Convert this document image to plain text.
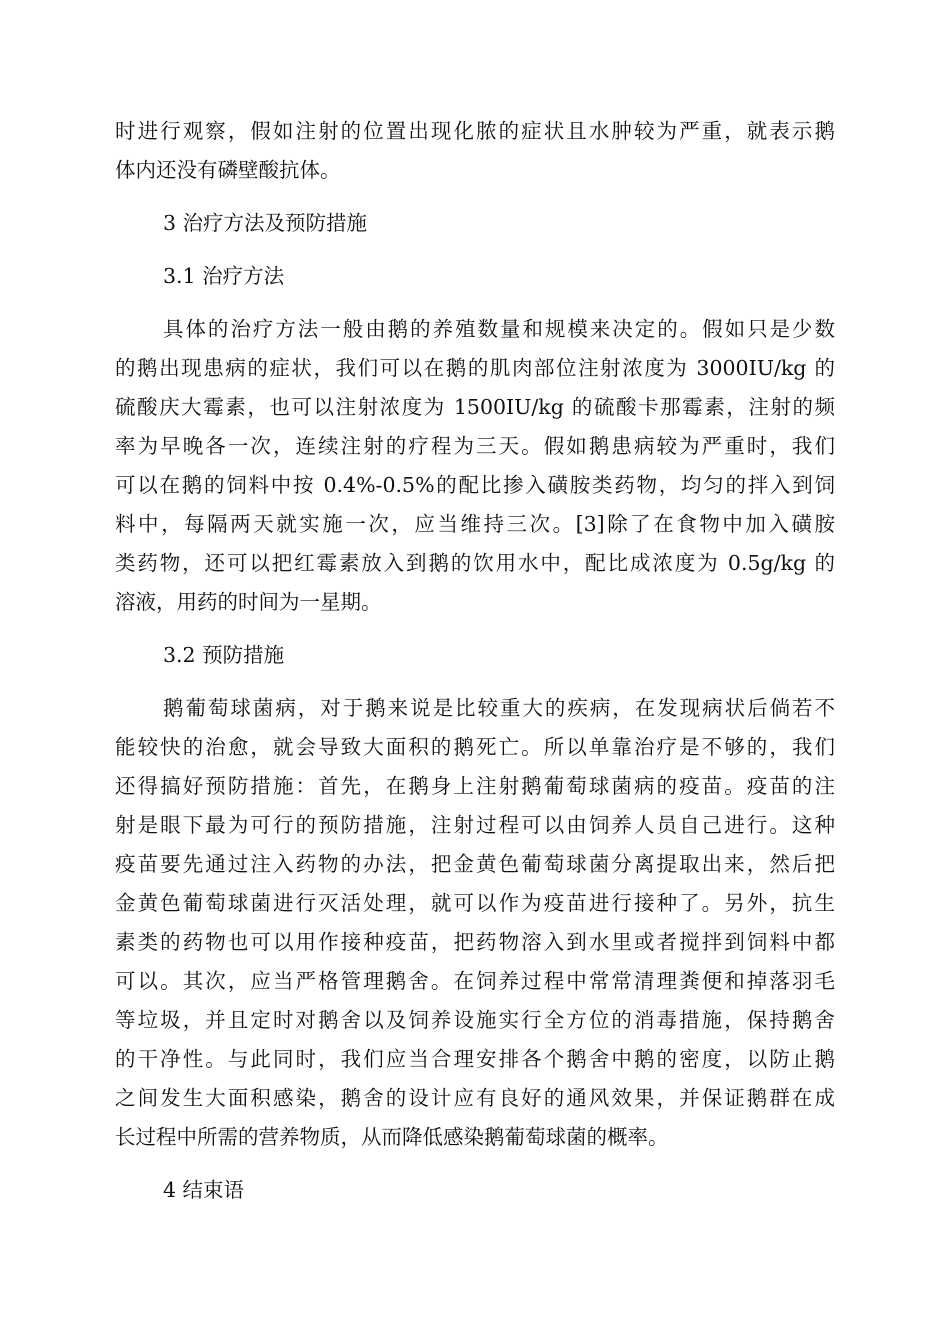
时进行观察，假如注射的位置出现化脓的症状且水肿较为严重，就表示鹅
体内还没有磷壁酸抗体。
3 治疗方法及预防措施
3.1 治疗方法
具体的治疗方法一般由鹅的养殖数量和规模来决定的。假如只是少数
的鹅出现患病的症状，我们可以在鹅的肌肉部位注射浓度为 3000IU/kg 的
硫酸庆大霉素，也可以注射浓度为 1500IU/kg 的硫酸卡那霉素，注射的频
率为早晚各一次，连续注射的疗程为三天。假如鹅患病较为严重时，我们
可以在鹅的饲料中按 0.4%-0.5%的配比掺入磺胺类药物，均匀的拌入到饲
料中，每隔两天就实施一次，应当维持三次。[3]除了在食物中加入磺胺
类药物，还可以把红霉素放入到鹅的饮用水中，配比成浓度为 0.5g/kg 的
溶液，用药的时间为一星期。
3.2 预防措施
鹅葡萄球菌病，对于鹅来说是比较重大的疾病，在发现病状后倘若不
能较快的治愈，就会导致大面积的鹅死亡。所以单靠治疗是不够的，我们
还得搞好预防措施：首先，在鹅身上注射鹅葡萄球菌病的疫苗。疫苗的注
射是眼下最为可行的预防措施，注射过程可以由饲养人员自己进行。这种
疫苗要先通过注入药物的办法，把金黄色葡萄球菌分离提取出来，然后把
金黄色葡萄球菌进行灭活处理，就可以作为疫苗进行接种了。另外，抗生
素类的药物也可以用作接种疫苗，把药物溶入到水里或者搅拌到饲料中都
可以。其次，应当严格管理鹅舍。在饲养过程中常常清理粪便和掉落羽毛
等垃圾，并且定时对鹅舍以及饲养设施实行全方位的消毒措施，保持鹅舍
的干净性。与此同时，我们应当合理安排各个鹅舍中鹅的密度，以防止鹅
之间发生大面积感染，鹅舍的设计应有良好的通风效果，并保证鹅群在成
长过程中所需的营养物质，从而降低感染鹅葡萄球菌的概率。
4 结束语
